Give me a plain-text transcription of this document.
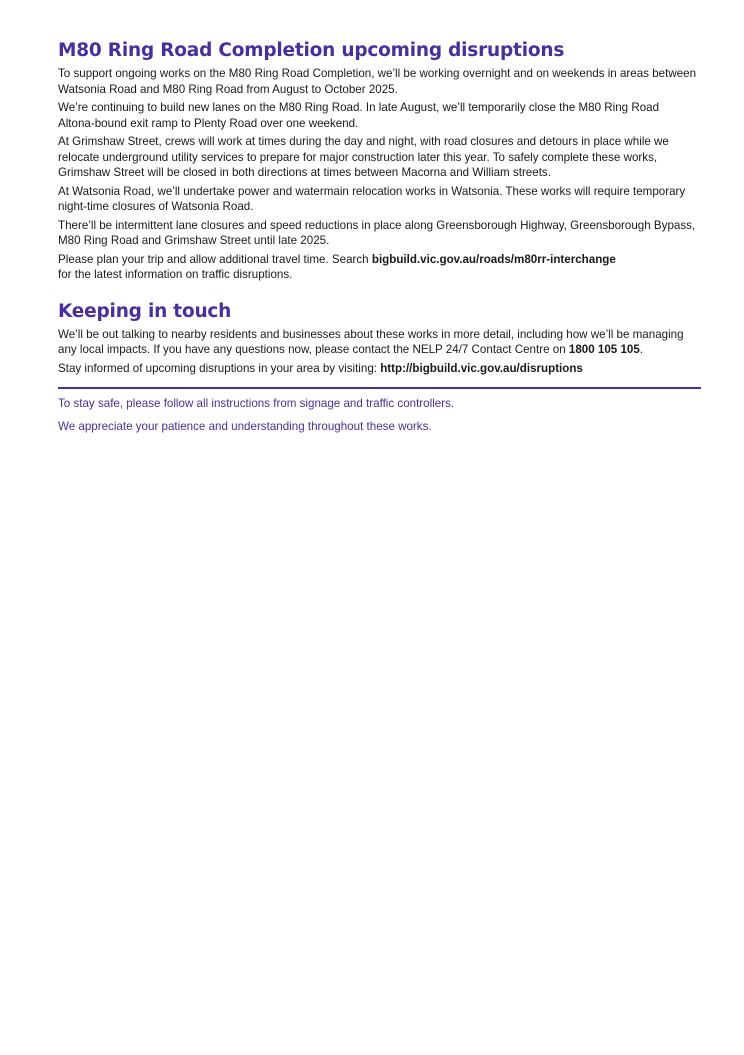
M80 Ring Road Completion upcoming disruptions

To support ongoing works on the M80 Ring Road Completion, we’ll be working overnight and on weekends in areas between Watsonia Road and M80 Ring Road from August to October 2025.

We’re continuing to build new lanes on the M80 Ring Road. In late August, we’ll temporarily close the M80 Ring Road Altona-bound exit ramp to Plenty Road over one weekend.

At Grimshaw Street, crews will work at times during the day and night, with road closures and detours in place while we relocate underground utility services to prepare for major construction later this year. To safely complete these works, Grimshaw Street will be closed in both directions at times between Macorna and William streets.

At Watsonia Road, we’ll undertake power and watermain relocation works in Watsonia. These works will require temporary night-time closures of Watsonia Road.

There’ll be intermittent lane closures and speed reductions in place along Greensborough Highway, Greensborough Bypass, M80 Ring Road and Grimshaw Street until late 2025.

Please plan your trip and allow additional travel time. Search bigbuild.vic.gov.au/roads/m80rr-interchange
for the latest information on traffic disruptions.

Keeping in touch

We’ll be out talking to nearby residents and businesses about these works in more detail, including how we’ll be managing any local impacts. If you have any questions now, please contact the NELP 24/7 Contact Centre on 1800 105 105.

Stay informed of upcoming disruptions in your area by visiting: http://bigbuild.vic.gov.au/disruptions

To stay safe, please follow all instructions from signage and traffic controllers.

We appreciate your patience and understanding throughout these works.
